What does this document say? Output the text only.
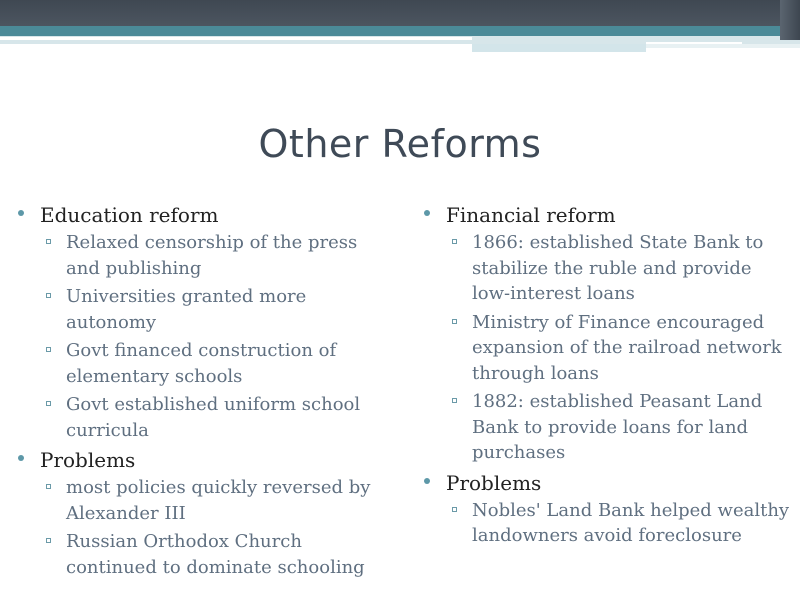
Other Reforms
Education reform
Relaxed censorship of the press and publishing
Universities granted more autonomy
Govt financed construction of elementary schools
Govt established uniform school curricula
Problems
most policies quickly reversed by Alexander III
Russian Orthodox Church continued to dominate schooling
Financial reform
1866: established State Bank to stabilize the ruble and provide low-interest loans
Ministry of Finance encouraged expansion of the railroad network through loans
1882: established Peasant Land Bank to provide loans for land purchases
Problems
Nobles' Land Bank helped wealthy landowners avoid foreclosure
